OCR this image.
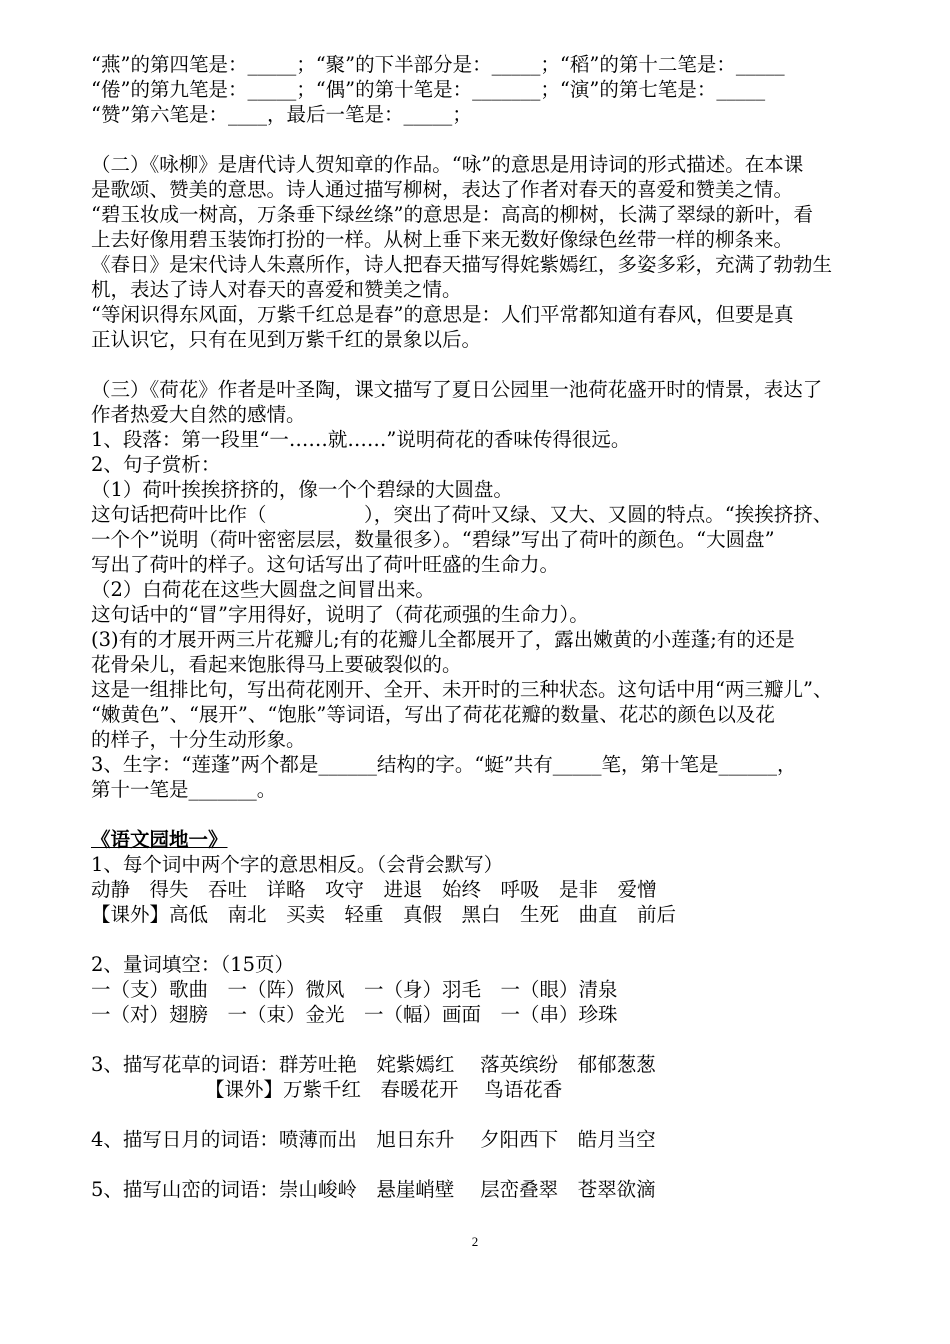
“燕”的第四笔是：_____；“聚”的下半部分是：_____；“稻”的第十二笔是：_____

“倦”的第九笔是：_____；“偶”的第十笔是：_______；“演”的第七笔是：_____

“赞”第六笔是：____，最后一笔是：_____；

（二）《咏柳》是唐代诗人贺知章的作品。“咏”的意思是用诗词的形式描述。在本课

是歌颂、赞美的意思。诗人通过描写柳树，表达了作者对春天的喜爱和赞美之情。

“碧玉妆成一树高，万条垂下绿丝绦”的意思是：高高的柳树，长满了翠绿的新叶，看

上去好像用碧玉装饰打扮的一样。从树上垂下来无数好像绿色丝带一样的柳条来。

《春日》是宋代诗人朱熹所作，诗人把春天描写得姹紫嫣红，多姿多彩，充满了勃勃生

机，表达了诗人对春天的喜爱和赞美之情。

“等闲识得东风面，万紫千红总是春”的意思是：人们平常都知道有春风，但要是真

正认识它，只有在见到万紫千红的景象以后。

（三）《荷花》作者是叶圣陶，课文描写了夏日公园里一池荷花盛开时的情景，表达了

作者热爱大自然的感情。

1、段落：第一段里“一……就……”说明荷花的香味传得很远。

2、句子赏析：

（1）荷叶挨挨挤挤的，像一个个碧绿的大圆盘。

这句话把荷叶比作（　　　　　），突出了荷叶又绿、又大、又圆的特点。“挨挨挤挤、

一个个”说明（荷叶密密层层，数量很多）。“碧绿”写出了荷叶的颜色。“大圆盘”

写出了荷叶的样子。这句话写出了荷叶旺盛的生命力。

（2）白荷花在这些大圆盘之间冒出来。

这句话中的“冒”字用得好，说明了（荷花顽强的生命力）。

(3)有的才展开两三片花瓣儿;有的花瓣儿全都展开了，露出嫩黄的小莲蓬;有的还是

花骨朵儿，看起来饱胀得马上要破裂似的。

这是一组排比句，写出荷花刚开、全开、未开时的三种状态。这句话中用“两三瓣儿”、

“嫩黄色”、“展开”、“饱胀”等词语，写出了荷花花瓣的数量、花芯的颜色以及花

的样子，十分生动形象。

3、生字：“莲蓬”两个都是______结构的字。“蜓”共有_____笔，第十笔是______，

第十一笔是_______。

《语文园地一》

1、每个词中两个字的意思相反。（会背会默写）

动静　得失　吞吐　详略　攻守　进退　始终　呼吸　是非　爱憎

【课外】高低　南北　买卖　轻重　真假　黑白　生死　曲直　前后

2、量词填空：（15页）

一（支）歌曲　一（阵）微风　一（身）羽毛　一（眼）清泉

一（对）翅膀　一（束）金光　一（幅）画面　一（串）珍珠

3、描写花草的词语：群芳吐艳　姹紫嫣红　 落英缤纷　郁郁葱葱

【课外】万紫千红　春暖花开　 鸟语花香

4、描写日月的词语：喷薄而出　旭日东升　 夕阳西下　皓月当空

5、描写山峦的词语：崇山峻岭　悬崖峭壁　 层峦叠翠　苍翠欲滴

2
